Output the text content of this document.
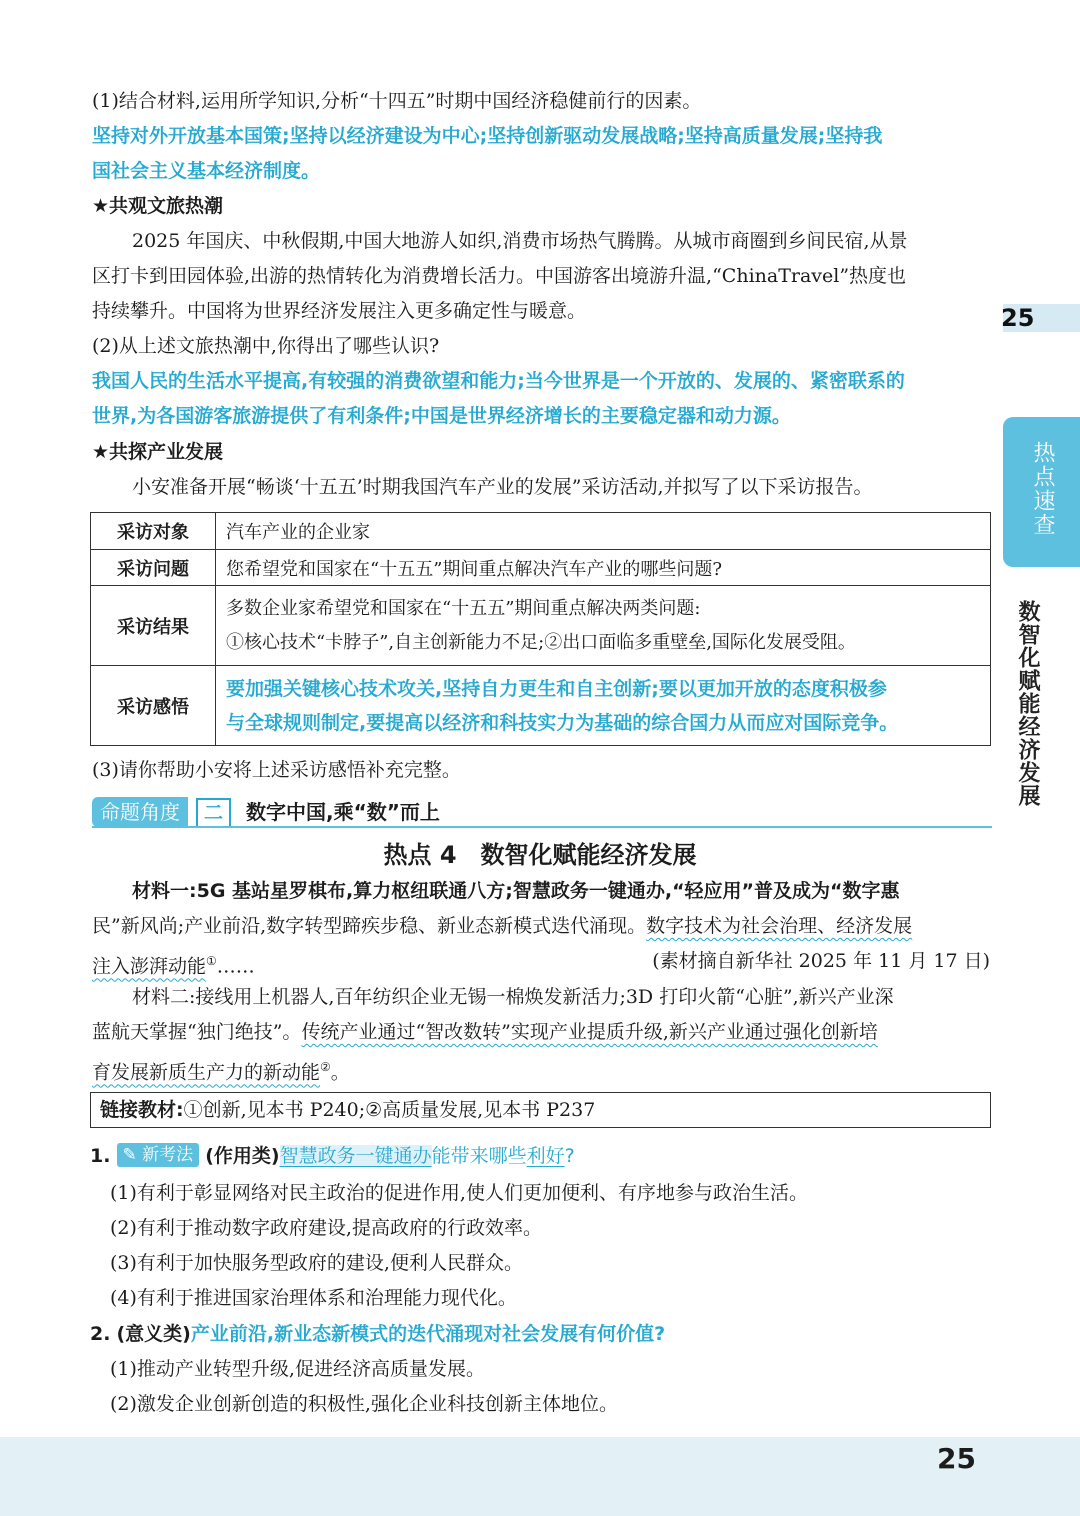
(1)结合材料,运用所学知识,分析“十四五”时期中国经济稳健前行的因素。
坚持对外开放基本国策;坚持以经济建设为中心;坚持创新驱动发展战略;坚持高质量发展;坚持我
国社会主义基本经济制度。
★共观文旅热潮
2025 年国庆、中秋假期,中国大地游人如织,消费市场热气腾腾。从城市商圈到乡间民宿,从景
区打卡到田园体验,出游的热情转化为消费增长活力。中国游客出境游升温,“ChinaTravel”热度也
持续攀升。中国将为世界经济发展注入更多确定性与暖意。
(2)从上述文旅热潮中,你得出了哪些认识?
我国人民的生活水平提高,有较强的消费欲望和能力;当今世界是一个开放的、发展的、紧密联系的
世界,为各国游客旅游提供了有利条件;中国是世界经济增长的主要稳定器和动力源。
★共探产业发展
小安准备开展“畅谈‘十五五’时期我国汽车产业的发展”采访活动,并拟写了以下采访报告。
采访对象	汽车产业的企业家
采访问题	您希望党和国家在“十五五”期间重点解决汽车产业的哪些问题?
采访结果	多数企业家希望党和国家在“十五五”期间重点解决两类问题:
①核心技术“卡脖子”,自主创新能力不足;②出口面临多重壁垒,国际化发展受阻。

采访感悟	要加强关键核心技术攻关,坚持自力更生和自主创新;要以更加开放的态度积极参
与全球规则制定,要提高以经济和科技实力为基础的综合国力从而应对国际竞争。
(3)请你帮助小安将上述采访感悟补充完整。
命题角度	二	数字中国,乘“数”而上
热点 4　数智化赋能经济发展
材料一:5G 基站星罗棋布,算力枢纽联通八方;智慧政务一键通办,“轻应用”普及成为“数字惠
民”新风尚;产业前沿,数字转型蹄疾步稳、新业态新模式迭代涌现。数字技术为社会治理、经济发展
注入澎湃动能①……	(素材摘自新华社 2025 年 11 月 17 日)
材料二:接线用上机器人,百年纺织企业无锡一棉焕发新活力;3D 打印火箭“心脏”,新兴产业深
蓝航天掌握“独门绝技”。传统产业通过“智改数转”实现产业提质升级,新兴产业通过强化创新培
育发展新质生产力的新动能②。
链接教材:①创新,见本书 P240;②高质量发展,见本书 P237
1. ✎ 新考法 (作用类)智慧政务一键通办能带来哪些利好?
(1)有利于彰显网络对民主政治的促进作用,使人们更加便利、有序地参与政治生活。
(2)有利于推动数字政府建设,提高政府的行政效率。
(3)有利于加快服务型政府的建设,便利人民群众。
(4)有利于推进国家治理体系和治理能力现代化。
2. (意义类)产业前沿,新业态新模式的迭代涌现对社会发展有何价值?
(1)推动产业转型升级,促进经济高质量发展。
(2)激发企业创新创造的积极性,强化企业科技创新主体地位。
25
热点速查
数智化赋能经济发展
25
